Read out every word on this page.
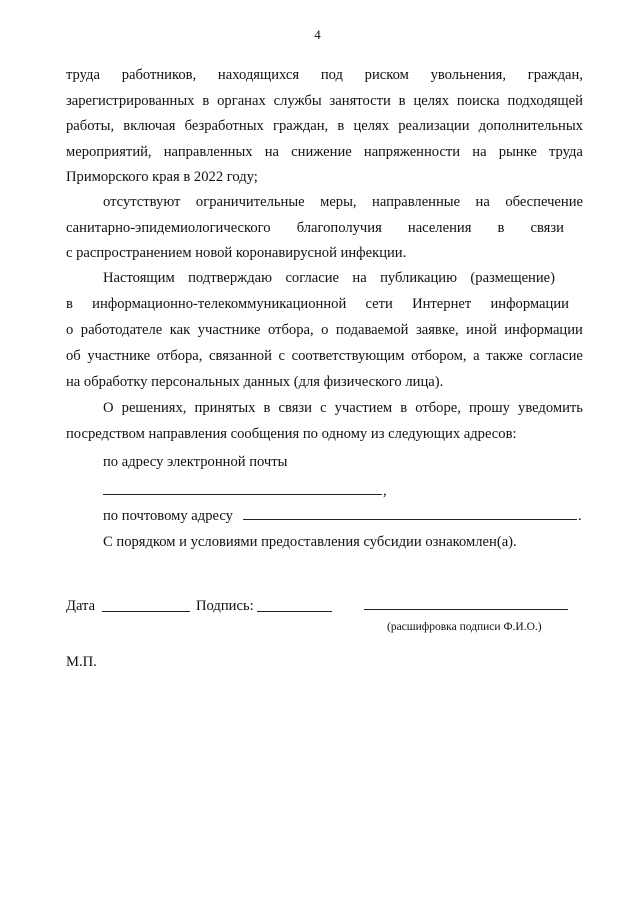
4
труда работников, находящихся под риском увольнения, граждан,
зарегистрированных в органах службы занятости в целях поиска подходящей
работы, включая безработных граждан, в целях реализации дополнительных
мероприятий, направленных на снижение напряженности на рынке труда
Приморского края в 2022 году;
отсутствуют ограничительные меры, направленные на обеспечение
санитарно-эпидемиологического благополучия населения в связи
с распространением новой коронавирусной инфекции.
Настоящим подтверждаю согласие на публикацию (размещение)
в информационно-телекоммуникационной сети Интернет информации
о работодателе как участнике отбора, о подаваемой заявке, иной информации
об участнике отбора, связанной с соответствующим отбором, а также согласие
на обработку персональных данных (для физического лица).
О решениях, принятых в связи с участием в отборе, прошу уведомить
посредством направления сообщения по одному из следующих адресов:
по адресу электронной почты
,
по почтовому адресу	.
С порядком и условиями предоставления субсидии ознакомлен(а).
Дата	Подпись:
(расшифровка подписи Ф.И.О.)
М.П.
